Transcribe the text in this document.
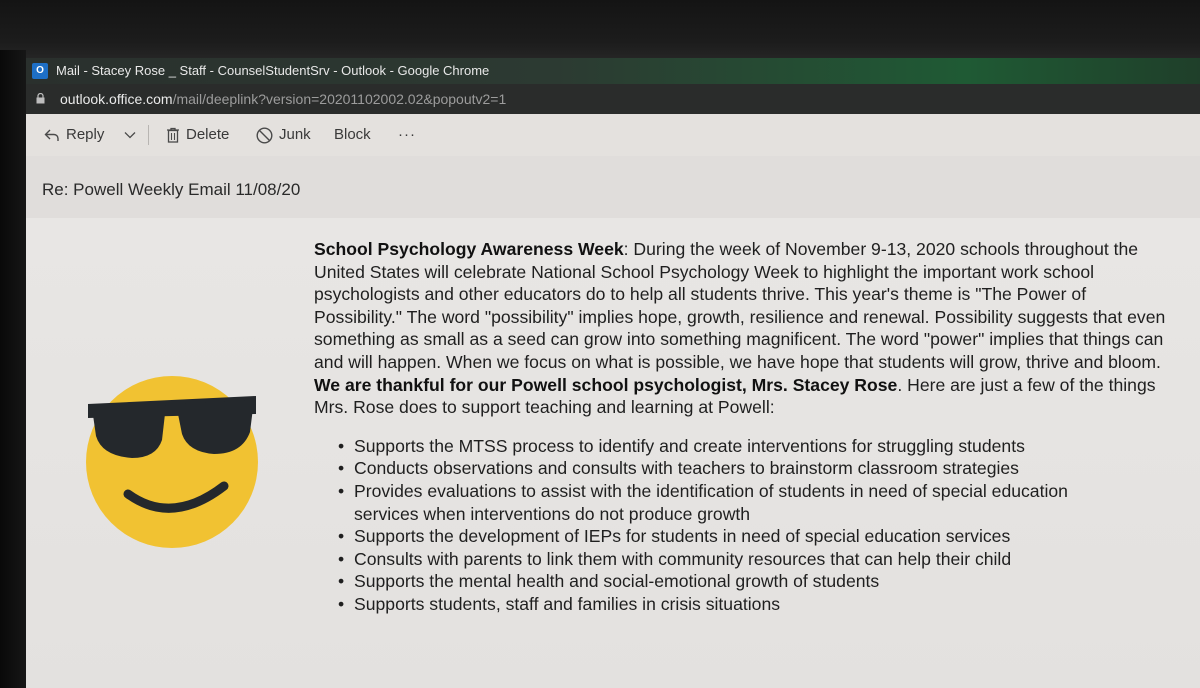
O Mail - Stacey Rose _ Staff - CounselStudentSrv - Outlook - Google Chrome
outlook.office.com/mail/deeplink?version=20201102002.02&popoutv2=1
Reply	Delete	Junk Block ···
Re: Powell Weekly Email 11/08/20

School Psychology Awareness Week: During the week of November 9-13, 2020 schools throughout the United States will celebrate National School Psychology Week to highlight the important work school psychologists and other educators do to help all students thrive. This year's theme is "The Power of Possibility." The word "possibility" implies hope, growth, resilience and renewal. Possibility suggests that even something as small as a seed can grow into something magnificent. The word "power" implies that things can and will happen. When we focus on what is possible, we have hope that students will grow, thrive and bloom. We are thankful for our Powell school psychologist, Mrs. Stacey Rose. Here are just a few of the things Mrs. Rose does to support teaching and learning at Powell:

• Supports the MTSS process to identify and create interventions for struggling students
• Conducts observations and consults with teachers to brainstorm classroom strategies
• Provides evaluations to assist with the identification of students in need of special education services when interventions do not produce growth
• Supports the development of IEPs for students in need of special education services
• Consults with parents to link them with community resources that can help their child
• Supports the mental health and social-emotional growth of students
• Supports students, staff and families in crisis situations
